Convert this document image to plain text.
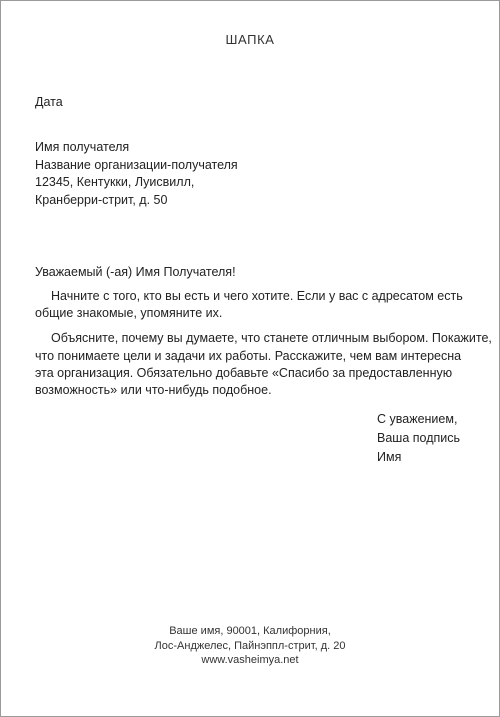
ШАПКА
Дата
Имя получателя
Название организации-получателя
12345, Кентукки, Луисвилл,
Кранберри-стрит, д. 50
Уважаемый (-ая) Имя Получателя!

Начните с того, кто вы есть и чего хотите. Если у вас с адресатом есть
общие знакомые, упомяните их.

Объясните, почему вы думаете, что станете отличным выбором. Покажите,
что понимаете цели и задачи их работы. Расскажите, чем вам интересна
эта организация. Обязательно добавьте «Спасибо за предоставленную
возможность» или что-нибудь подобное.

С уважением,
Ваша подпись
Имя
Ваше имя, 90001, Калифорния,
Лос-Анджелес, Пайнэппл-стрит, д. 20
www.vasheimya.net
